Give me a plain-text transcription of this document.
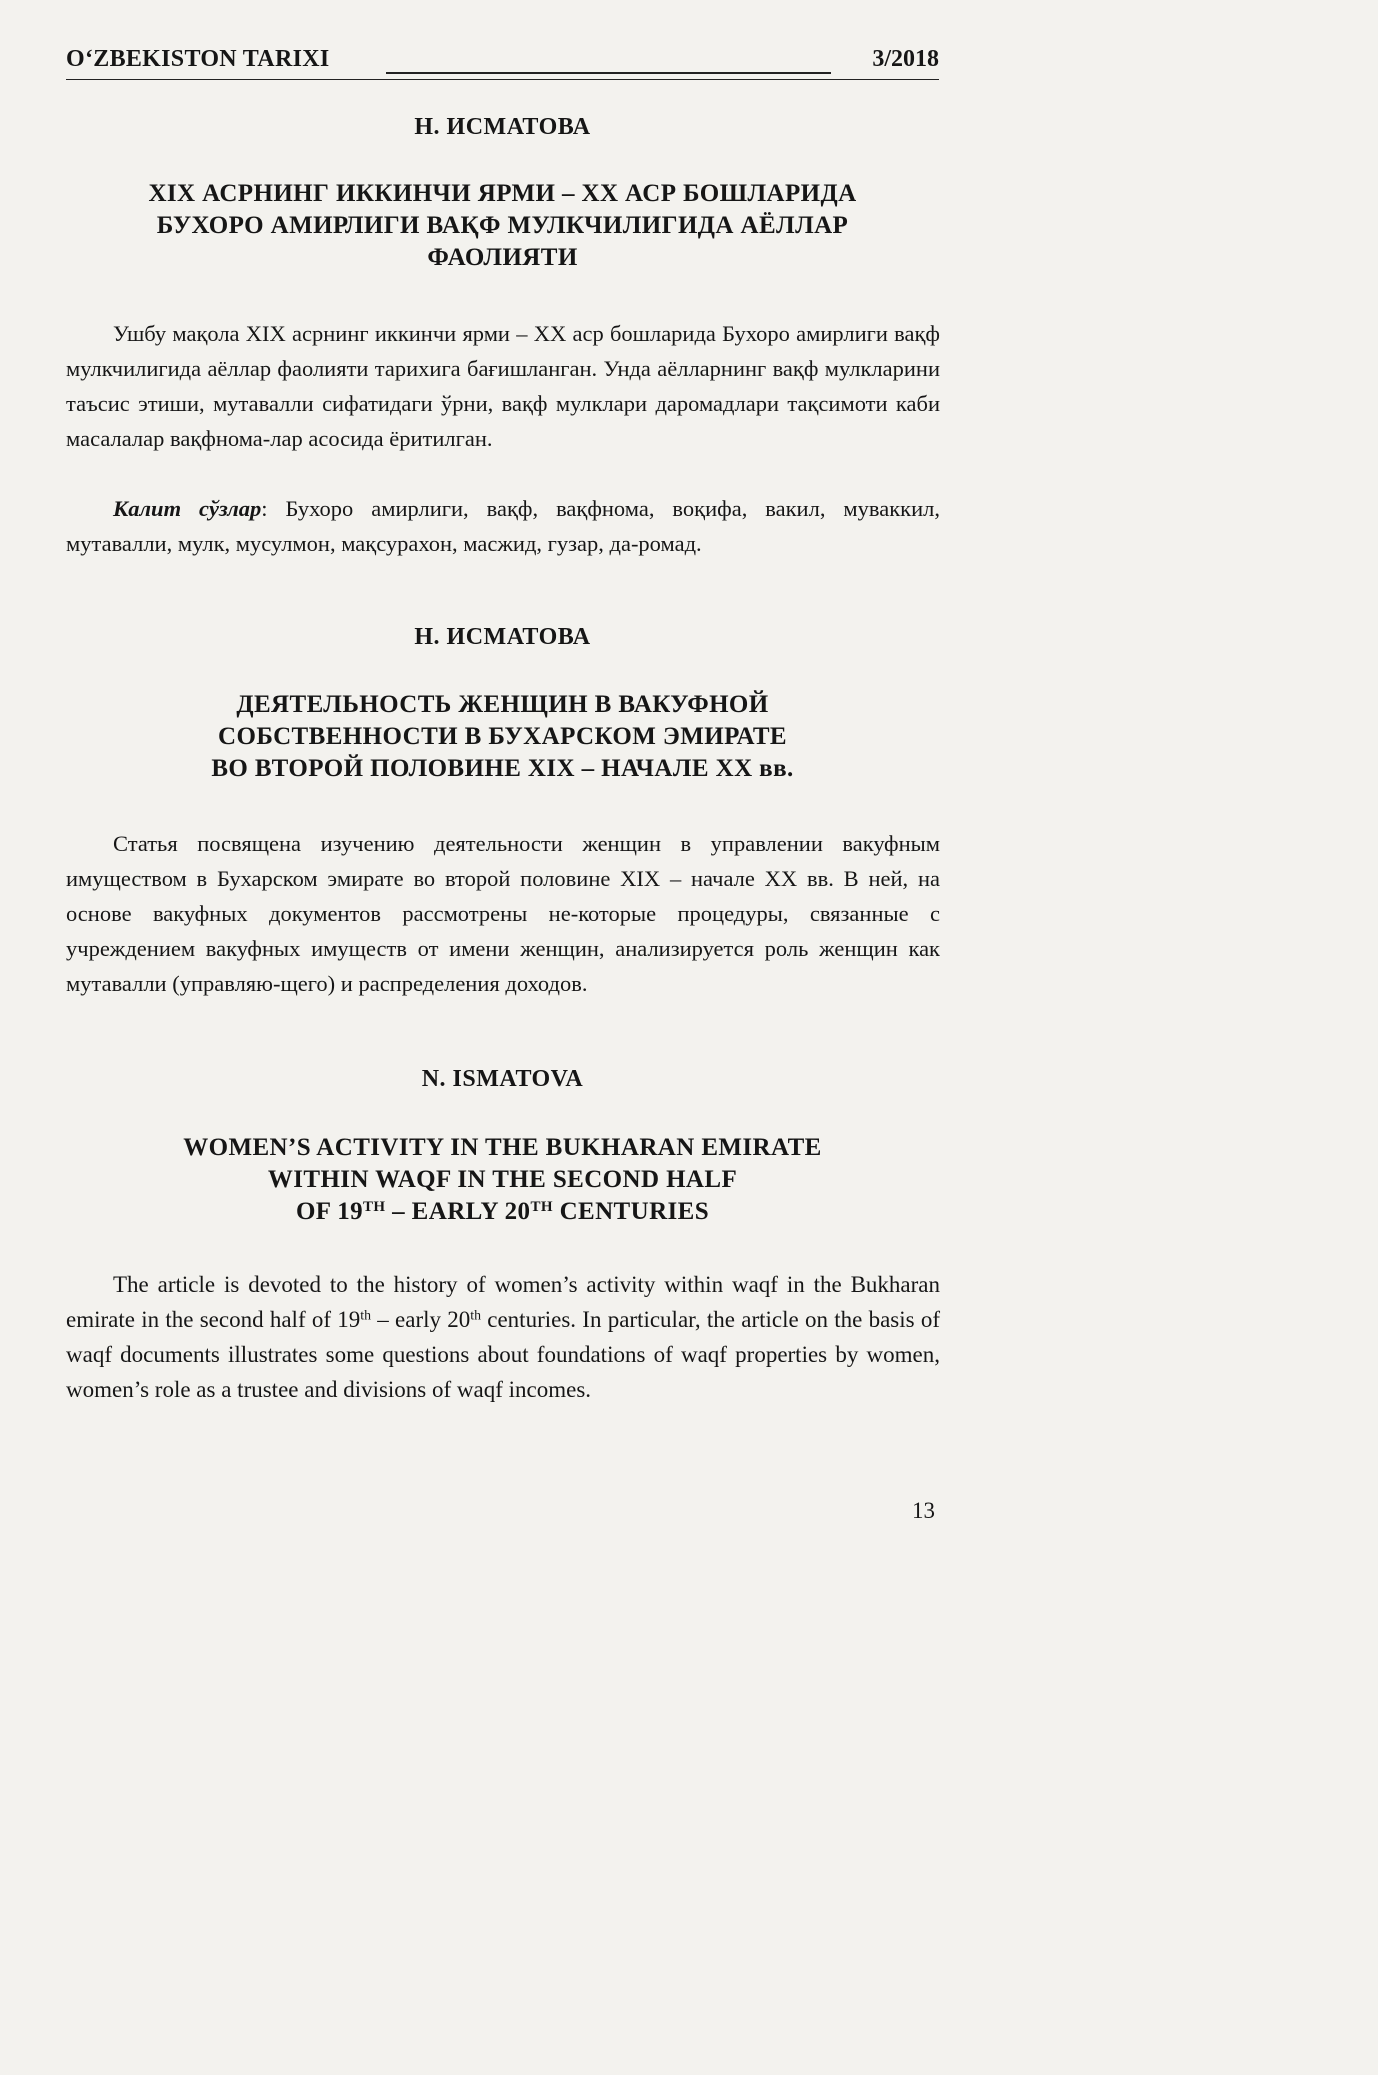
O‘ZBEKISTON TARIXI	3/2018
Н. ИСМАТОВА
XIX АСРНИНГ ИККИНЧИ ЯРМИ – XX АСР БОШЛАРИДА
БУХОРО АМИРЛИГИ ВАҚФ МУЛКЧИЛИГИДА АЁЛЛАР
ФАОЛИЯТИ
Ушбу мақола XIX асрнинг иккинчи ярми – XX аср бошларида Бухоро амирлиги вақф мулкчилигида аёллар фаолияти тарихига бағишланган. Унда аёлларнинг вақф мулкларини таъсис этиши, мутавалли сифатидаги ўрни, вақф мулклари даромадлари тақсимоти каби масалалар вақфнома-лар асосида ёритилган.
Калит сўзлар: Бухоро амирлиги, вақф, вақфнома, воқифа, вакил, муваккил, мутавалли, мулк, мусулмон, мақсурахон, масжид, гузар, да-ромад.
Н. ИСМАТОВА
ДЕЯТЕЛЬНОСТЬ ЖЕНЩИН В ВАКУФНОЙ
СОБСТВЕННОСТИ В БУХАРСКОМ ЭМИРАТЕ
ВО ВТОРОЙ ПОЛОВИНЕ XIX – НАЧАЛЕ XX вв.
Статья посвящена изучению деятельности женщин в управлении вакуфным имуществом в Бухарском эмирате во второй половине XIX – начале XX вв. В ней, на основе вакуфных документов рассмотрены не-которые процедуры, связанные с учреждением вакуфных имуществ от имени женщин, анализируется роль женщин как мутавалли (управляю-щего) и распределения доходов.
N. ISMATOVA
WOMEN’S ACTIVITY IN THE BUKHARAN EMIRATE
WITHIN WAQF IN THE SECOND HALF
OF 19TH – EARLY 20TH CENTURIES
The article is devoted to the history of women’s activity within waqf in the Bukharan emirate in the second half of 19th – early 20th centuries. In particular, the article on the basis of waqf documents illustrates some questions about foundations of waqf properties by women, women’s role as a trustee and divisions of waqf incomes.
13
